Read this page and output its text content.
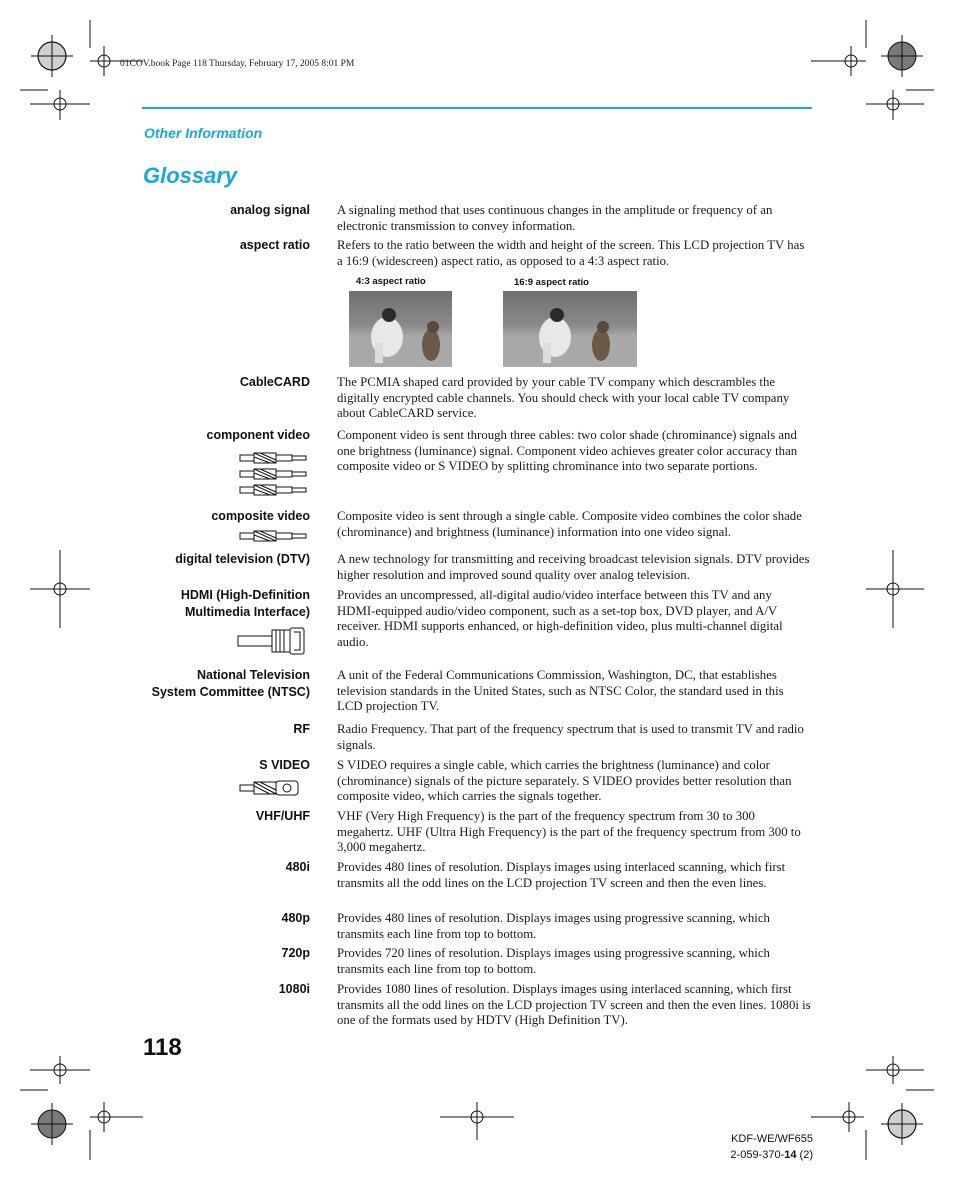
01COV.book Page 118 Thursday, February 17, 2005 8:01 PM
Other Information
Glossary
analog signal A signaling method that uses continuous changes in the amplitude or frequency of an electronic transmission to convey information.
aspect ratio Refers to the ratio between the width and height of the screen. This LCD projection TV has a 16:9 (widescreen) aspect ratio, as opposed to a 4:3 aspect ratio.
4:3 aspect ratio	16:9 aspect ratio
CableCARD The PCMIA shaped card provided by your cable TV company which descrambles the digitally encrypted cable channels. You should check with your local cable TV company about CableCARD service.
component video Component video is sent through three cables: two color shade (chrominance) signals and one brightness (luminance) signal. Component video achieves greater color accuracy than composite video or S VIDEO by splitting chrominance into two separate portions.
composite video Composite video is sent through a single cable. Composite video combines the color shade (chrominance) and brightness (luminance) information into one video signal.
digital television (DTV) A new technology for transmitting and receiving broadcast television signals. DTV provides higher resolution and improved sound quality over analog television.
HDMI (High-Definition Multimedia Interface)
Provides an uncompressed, all-digital audio/video interface between this TV and any HDMI-equipped audio/video component, such as a set-top box, DVD player, and A/V receiver. HDMI supports enhanced, or high-definition video, plus multi-channel digital audio.
National Television System Committee (NTSC)
A unit of the Federal Communications Commission, Washington, DC, that establishes television standards in the United States, such as NTSC Color, the standard used in this LCD projection TV.
RF Radio Frequency. That part of the frequency spectrum that is used to transmit TV and radio signals.
S VIDEO S VIDEO requires a single cable, which carries the brightness (luminance) and color (chrominance) signals of the picture separately. S VIDEO provides better resolution than composite video, which carries the signals together.
VHF/UHF VHF (Very High Frequency) is the part of the frequency spectrum from 30 to 300 megahertz. UHF (Ultra High Frequency) is the part of the frequency spectrum from 300 to 3,000 megahertz.
480i Provides 480 lines of resolution. Displays images using interlaced scanning, which first transmits all the odd lines on the LCD projection TV screen and then the even lines.
480p Provides 480 lines of resolution. Displays images using progressive scanning, which transmits each line from top to bottom.
720p Provides 720 lines of resolution. Displays images using progressive scanning, which transmits each line from top to bottom.
1080i Provides 1080 lines of resolution. Displays images using interlaced scanning, which first transmits all the odd lines on the LCD projection TV screen and then the even lines. 1080i is one of the formats used by HDTV (High Definition TV).
118
KDF-WE/WF655
2-059-370-14 (2)
